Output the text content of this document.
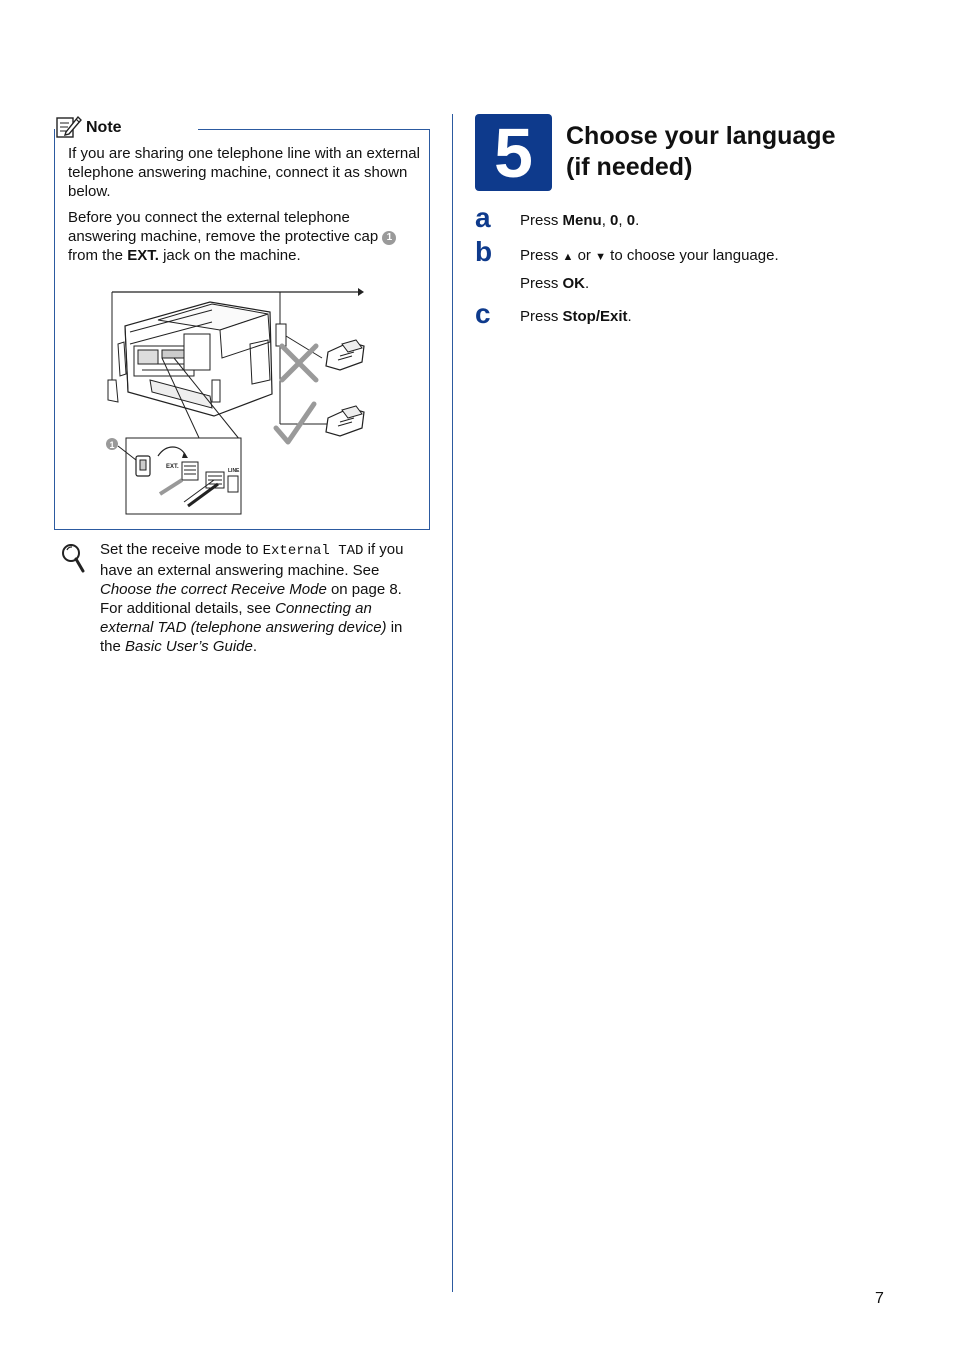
Note

If you are sharing one telephone line with an external telephone answering machine, connect it as shown below.

Before you connect the external telephone answering machine, remove the protective cap 1 from the EXT. jack on the machine.

EXT.
LINE
1

Set the receive mode to External TAD if you have an external answering machine. See Choose the correct Receive Mode on page 8. For additional details, see Connecting an external TAD (telephone answering device) in the Basic User’s Guide.

5	Choose your language
(if needed)
a Press Menu, 0, 0.
b Press ▲ or ▼ to choose your language.

Press OK.

c Press Stop/Exit.
7
